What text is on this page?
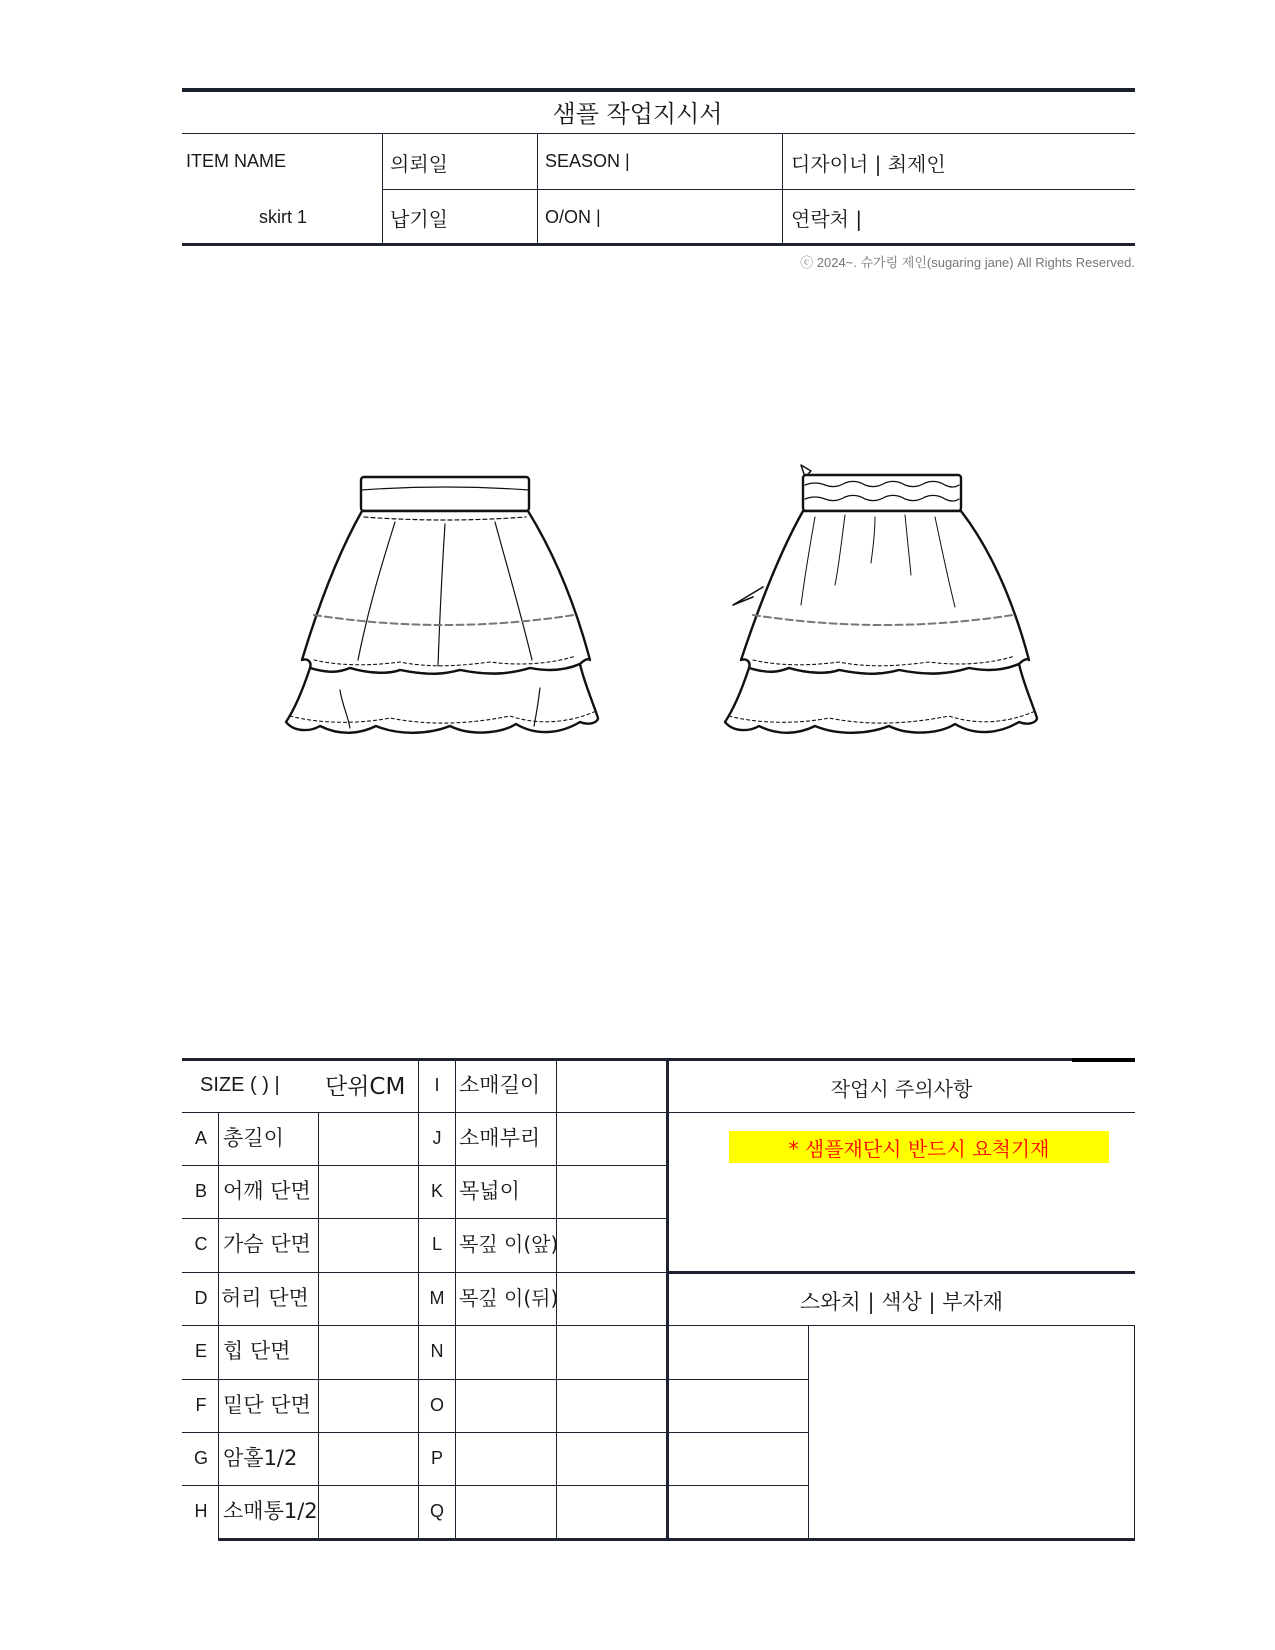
샘플 작업지시서
ITEM NAME
skirt 1
의뢰일
납기일
SEASON |
O/ON |
디자이너 | 최제인
연락처 |
ⓒ 2024~. 슈가링 제인(sugaring jane) All Rights Reserved.
SIZE ( ) | 단위CM
A 총길이
B 어깨 단면
C 가슴 단면
D 허리 단면
E 힙 단면
F 밑단 단면
G 암홀1/2
H 소매통1/2
I 소매길이
J 소매부리
K 목넓이
L 목깊 이(앞)
M 목깊 이(뒤)
N
O
P
Q
작업시 주의사항
* 샘플재단시 반드시 요척기재
스와치 | 색상 | 부자재
